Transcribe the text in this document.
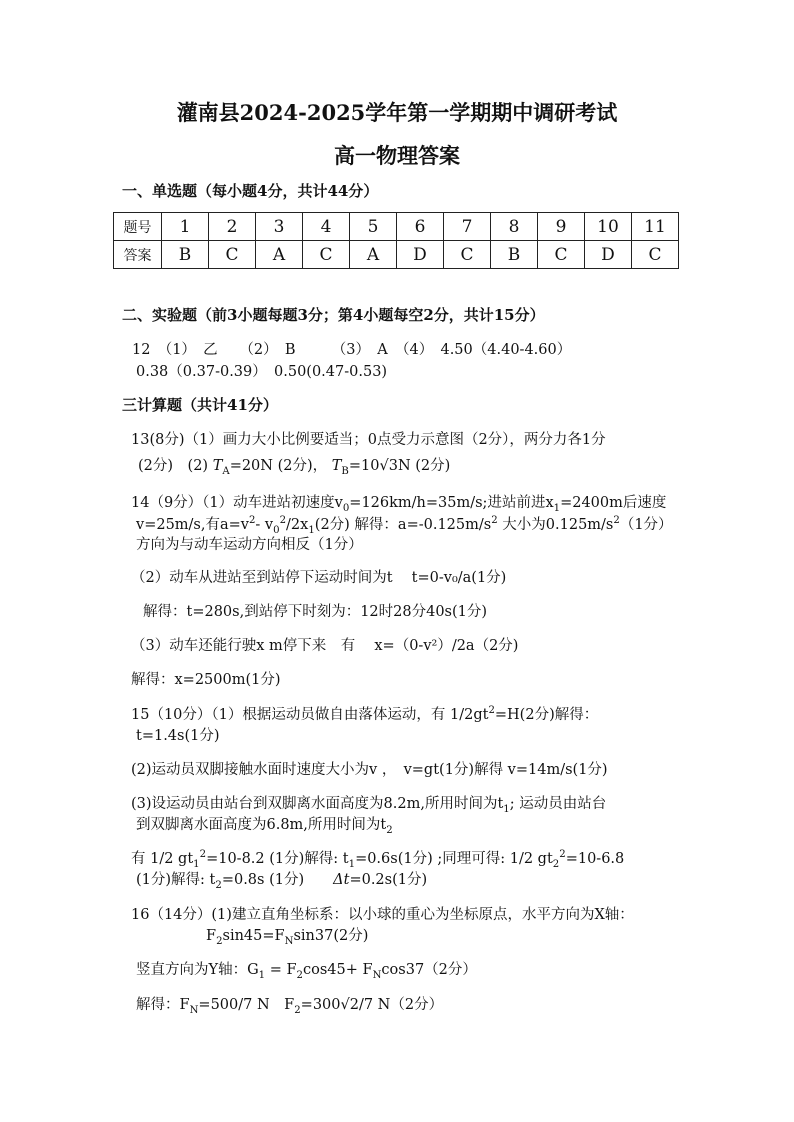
灌南县2024-2025学年第一学期期中调研考试
高一物理答案
一、单选题（每小题4分，共计44分）
题号	1	2	3	4	5	6	7	8	9	10	11
答案	B	C	A	C	A	D	C	B	C	D	C
二、实验题（前3小题每题3分；第4小题每空2分，共计15分）
12　（1）　乙　　（2）　B　　　（3）　A　（4）　4.50（4.40-4.60）
0.38（0.37-0.39）　0.50(0.47-0.53)
三计算题（共计41分）
13(8分)（1）画力大小比例要适当；0点受力示意图（2分），两分力各1分
(2分)　(2) $T_A=20N$ (2分)， $T_B=10√3N$ (2分)
14（9分）（1）动车进站初速度$v_0=126km/h=35m/s$;进站前进$x_1=2400m$后速度
v=25m/s,有$a=v^2-$ $v_0^2/2x_1(2$分) 解得：$a=-0.125m/s^2$ 大小为$0.125m/s^2(1$分）
方向为与动车运动方向相反（1分）
（2）动车从进站至到站停下运动时间为t　 t=0-v₀/a(1分)
解得：t=280s,到站停下时刻为：12时28分40s(1分)
（3）动车还能行驶x m停下来　有　 x=（0-v²）/2a（2分)
解得：x=2500m(1分)
15（10分）（1）根据运动员做自由落体运动，有 $1/2gt^2=H(2$分)解得：
t=1.4s(1分)
(2)运动员双脚接触水面时速度大小为v ，　v=gt(1分)解得 v=14m/s(1分)
(3)设运动员由站台到双脚离水面高度为8.2m,所用时间为$t_1$; 运动员由站台
到双脚离水面高度为6.8m,所用时间为$t_2$
有 1/2 $gt_1^2=10-8.2$ (1分)解得: $t_1=0.6s(1$分) ;同理可得: 1/2 $gt_2^2=10-6.8$
(1分)解得: $t_2=0.8s$ (1分)　　Δt=0.2s(1分)
16（14分）(1)建立直角坐标系：以小球的重心为坐标原点，水平方向为X轴：
$F_2\sin 45=F_N\sin 37(2$分)
竖直方向为Y轴：$G_1 = F_2\cos 45+ F_N\cos 37(2$分）
解得：$F_N=500/7$ N　$F_2=300√2/7$ N（2分）
